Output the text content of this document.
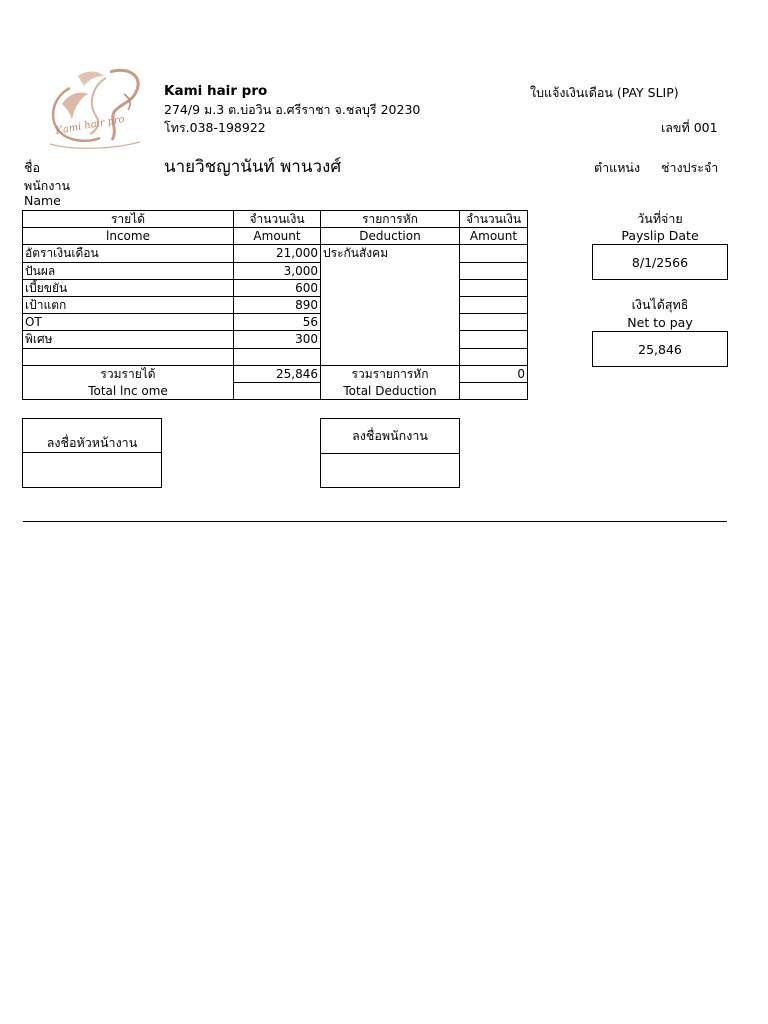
Kami hair pro
Kami hair pro
274/9 ม.3 ต.บ่อวิน อ.ศรีราชา จ.ชลบุรี 20230
โทร.038-198922
ใบแจ้งเงินเดือน (PAY SLIP)
เลขที่ 001
ชื่อ
พนักงาน
Name
นายวิชญานันท์ พานวงศ์	ตำแหน่ง ช่างประจำ
รายได้	จำนวนเงิน	รายการหัก	จำนวนเงิน
lncome	Amount	Deduction	Amount
อัตราเงินเดือน	21,000	ประกันสังคม	
ปันผล	3,000		
เบี้ยขยัน	600		
เป้าแตก	890		
OT	56		
พิเศษ	300		

รวมรายได้	25,846	รวมรายการหัก	0
Total lnc ome		Total Deduction	
วันที่จ่าย
Payslip Date
8/1/2566
เงินได้สุทธิ
Net to pay
25,846
ลงชื่อหัวหน้างาน	ลงชื่อพนักงาน
